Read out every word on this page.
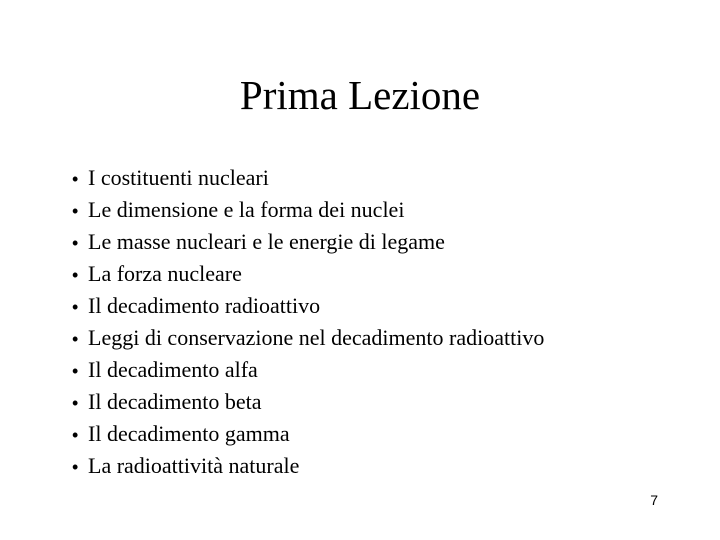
Prima Lezione
• I costituenti nucleari
• Le dimensione e la forma dei nuclei
• Le masse nucleari e le energie di legame
• La forza nucleare
• Il decadimento radioattivo
• Leggi di conservazione nel decadimento radioattivo
• Il decadimento alfa
• Il decadimento beta
• Il decadimento gamma
• La radioattività naturale
7
